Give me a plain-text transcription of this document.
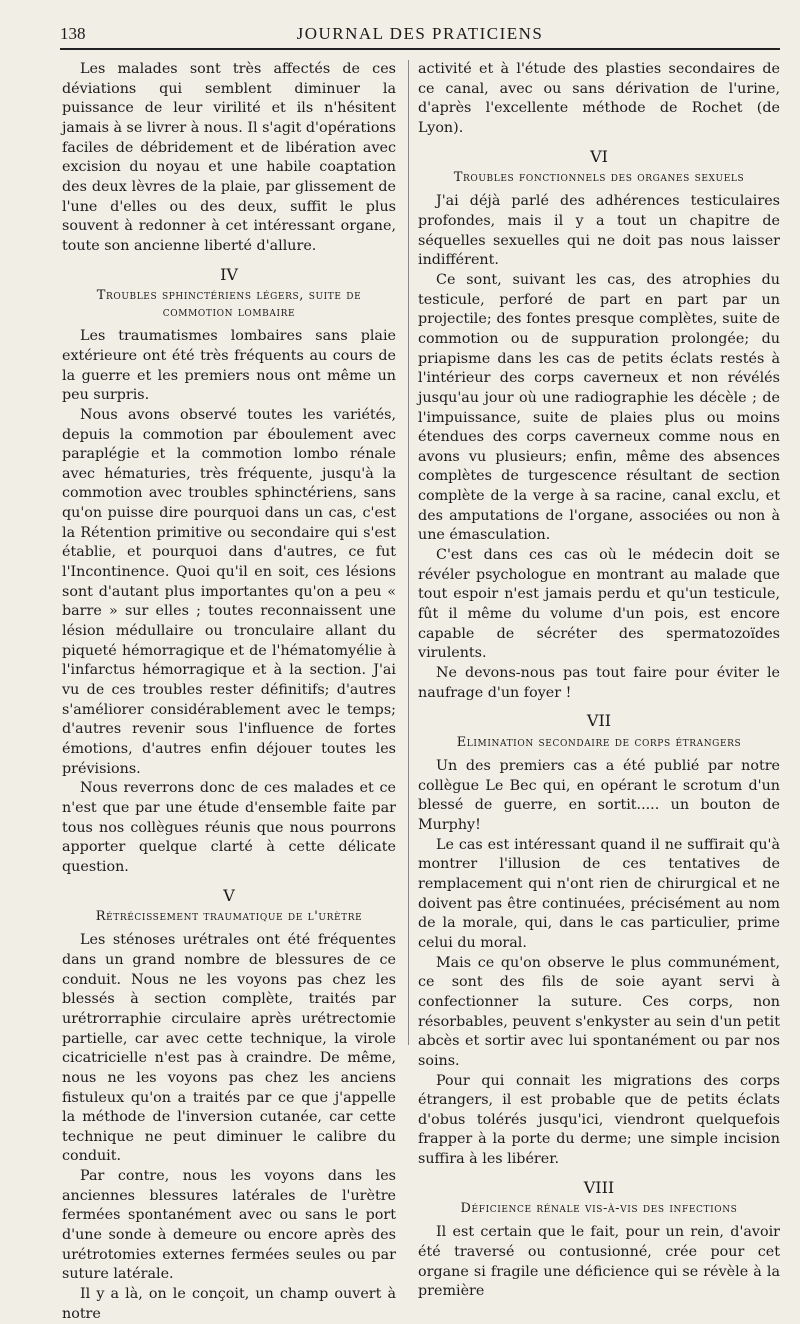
138	JOURNAL DES PRATICIENS

Les malades sont très affectés de ces déviations qui semblent diminuer la puissance de leur virilité et ils n'hésitent jamais à se livrer à nous. Il s'agit d'opérations faciles de débridement et de libération avec excision du noyau et une habile coaptation des deux lèvres de la plaie, par glissement de l'une d'elles ou des deux, suffit le plus souvent à redonner à cet intéressant organe, toute son ancienne liberté d'allure.

IV
Troubles sphinctériens légers, suite de commotion lombaire

Les traumatismes lombaires sans plaie extérieure ont été très fréquents au cours de la guerre et les premiers nous ont même un peu surpris.

Nous avons observé toutes les variétés, depuis la commotion par éboulement avec paraplégie et la commotion lombo rénale avec hématuries, très fréquente, jusqu'à la commotion avec troubles sphinctériens, sans qu'on puisse dire pourquoi dans un cas, c'est la Rétention primitive ou secondaire qui s'est établie, et pourquoi dans d'autres, ce fut l'Incontinence. Quoi qu'il en soit, ces lésions sont d'autant plus importantes qu'on a peu « barre » sur elles ; toutes reconnaissent une lésion médullaire ou tronculaire allant du piqueté hémorragique et de l'hématomyélie à l'infarctus hémorragique et à la section. J'ai vu de ces troubles rester définitifs; d'autres s'améliorer considérablement avec le temps; d'autres revenir sous l'influence de fortes émotions, d'autres enfin déjouer toutes les prévisions.

Nous reverrons donc de ces malades et ce n'est que par une étude d'ensemble faite par tous nos collègues réunis que nous pourrons apporter quelque clarté à cette délicate question.

V
Rétrécissement traumatique de l'urètre

Les sténoses urétrales ont été fréquentes dans un grand nombre de blessures de ce conduit. Nous ne les voyons pas chez les blessés à section complète, traités par urétrorraphie circulaire après urétrectomie partielle, car avec cette technique, la virole cicatricielle n'est pas à craindre. De même, nous ne les voyons pas chez les anciens fistuleux qu'on a traités par ce que j'appelle la méthode de l'inversion cutanée, car cette technique ne peut diminuer le calibre du conduit.

Par contre, nous les voyons dans les anciennes blessures latérales de l'urètre fermées spontanément avec ou sans le port d'une sonde à demeure ou encore après des urétrotomies externes fermées seules ou par suture latérale.

Il y a là, on le conçoit, un champ ouvert à notre

activité et à l'étude des plasties secondaires de ce canal, avec ou sans dérivation de l'urine, d'après l'excellente méthode de Rochet (de Lyon).

VI
Troubles fonctionnels des organes sexuels

J'ai déjà parlé des adhérences testiculaires profondes, mais il y a tout un chapitre de séquelles sexuelles qui ne doit pas nous laisser indifférent.

Ce sont, suivant les cas, des atrophies du testicule, perforé de part en part par un projectile; des fontes presque complètes, suite de commotion ou de suppuration prolongée; du priapisme dans les cas de petits éclats restés à l'intérieur des corps caverneux et non révélés jusqu'au jour où une radiographie les décèle ; de l'impuissance, suite de plaies plus ou moins étendues des corps caverneux comme nous en avons vu plusieurs; enfin, même des absences complètes de turgescence résultant de section complète de la verge à sa racine, canal exclu, et des amputations de l'organe, associées ou non à une émasculation.

C'est dans ces cas où le médecin doit se révéler psychologue en montrant au malade que tout espoir n'est jamais perdu et qu'un testicule, fût il même du volume d'un pois, est encore capable de sécréter des spermatozoïdes virulents.

Ne devons-nous pas tout faire pour éviter le naufrage d'un foyer !

VII
Elimination secondaire de corps étrangers

Un des premiers cas a été publié par notre collègue Le Bec qui, en opérant le scrotum d'un blessé de guerre, en sortit..... un bouton de Murphy!

Le cas est intéressant quand il ne suffirait qu'à montrer l'illusion de ces tentatives de remplacement qui n'ont rien de chirurgical et ne doivent pas être continuées, précisément au nom de la morale, qui, dans le cas particulier, prime celui du moral.

Mais ce qu'on observe le plus communément, ce sont des fils de soie ayant servi à confectionner la suture. Ces corps, non résorbables, peuvent s'enkyster au sein d'un petit abcès et sortir avec lui spontanément ou par nos soins.

Pour qui connait les migrations des corps étrangers, il est probable que de petits éclats d'obus tolérés jusqu'ici, viendront quelquefois frapper à la porte du derme; une simple incision suffira à les libérer.

VIII
Déficience rénale vis-à-vis des infections

Il est certain que le fait, pour un rein, d'avoir été traversé ou contusionné, crée pour cet organe si fragile une déficience qui se révèle à la première
